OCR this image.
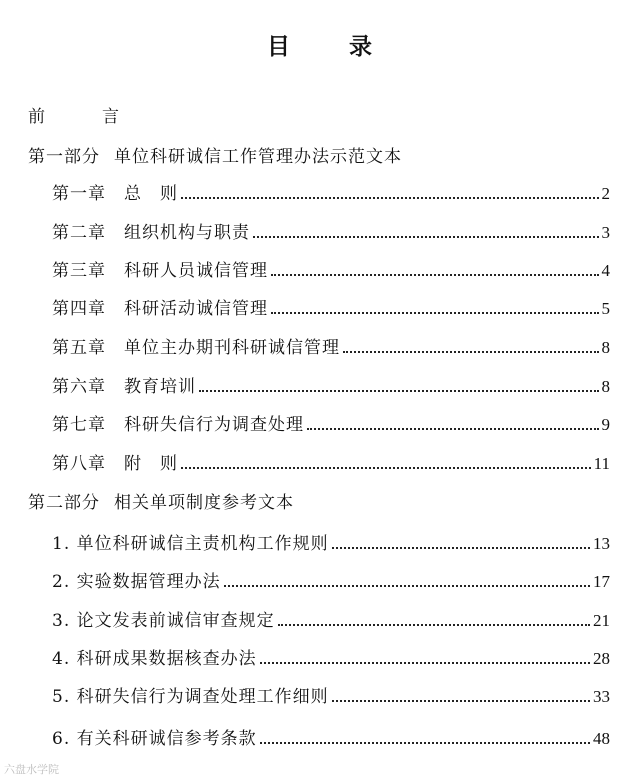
目　录
前　言
第一部分 单位科研诚信工作管理办法示范文本
第一章 总　则	2
第二章 组织机构与职责	3
第三章 科研人员诚信管理	4
第四章 科研活动诚信管理	5
第五章 单位主办期刊科研诚信管理	8
第六章 教育培训	8
第七章 科研失信行为调查处理	9
第八章 附　则	11
第二部分 相关单项制度参考文本
1. 单位科研诚信主责机构工作规则	13
2. 实验数据管理办法	17
3. 论文发表前诚信审查规定	21
4. 科研成果数据核查办法	28
5. 科研失信行为调查处理工作细则	33
6. 有关科研诚信参考条款	48
六盘水学院
